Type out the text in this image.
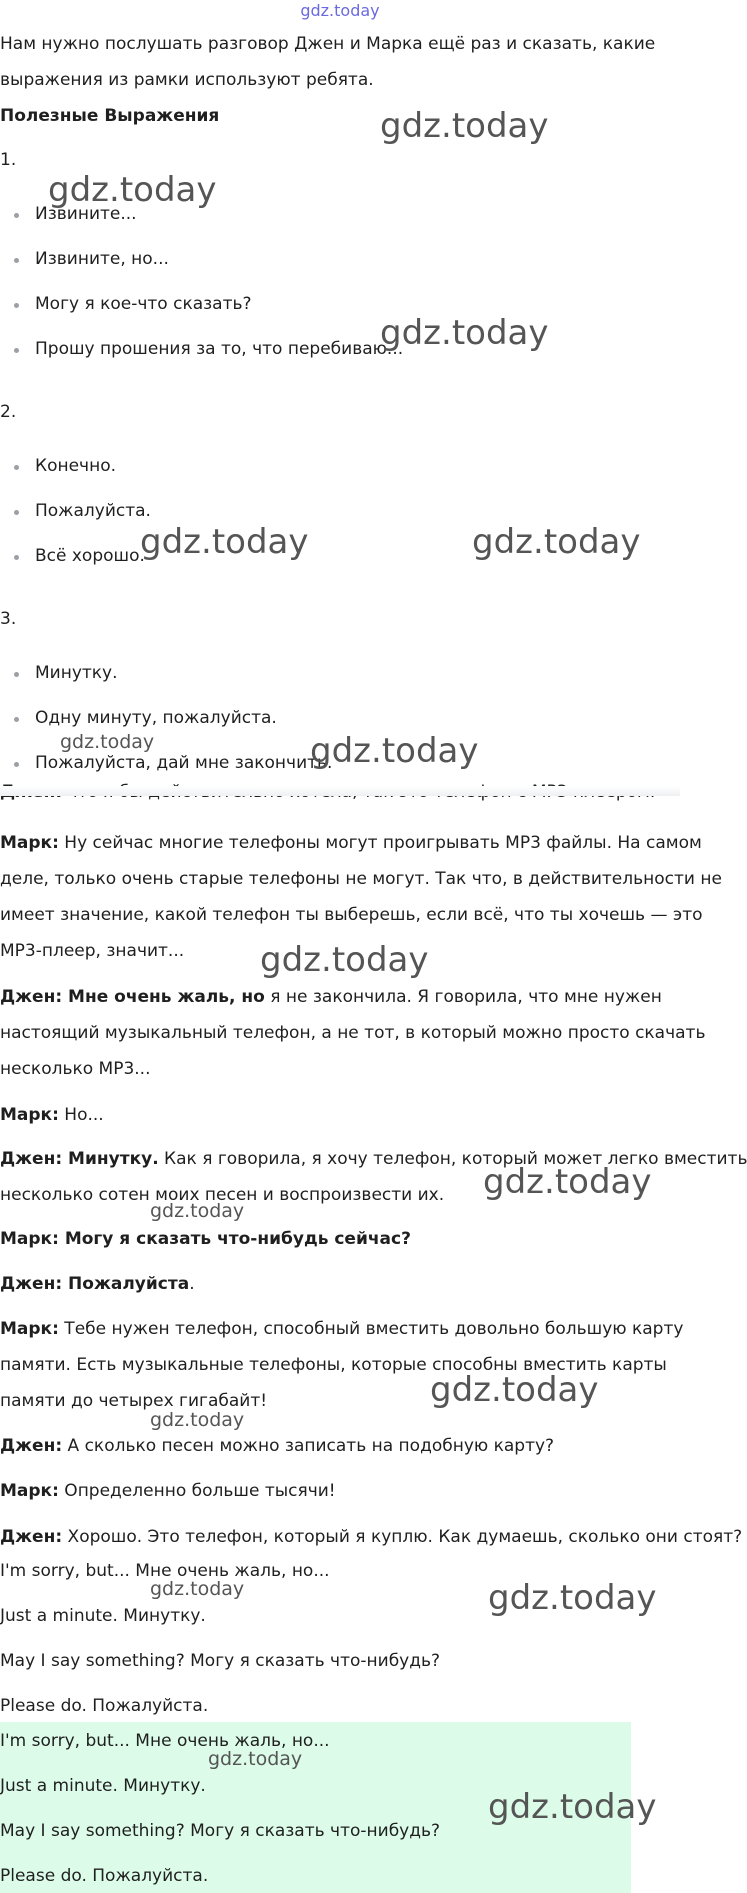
gdz.today
Нам нужно послушать разговор Джен и Марка ещё раз и сказать, какие
выражения из рамки используют ребята.
Полезные Выражения
1.
Извините...
Извините, но...
Могу я кое-что сказать?
Прошу прошения за то, что перебиваю...
2.
Конечно.
Пожалуйста.
Всё хорошо.
3.
Минутку.
Одну минуту, пожалуйста.
Пожалуйста, дай мне закончить.
Марк: Ну сейчас многие телефоны могут проигрывать MP3 файлы. На самом
деле, только очень старые телефоны не могут. Так что, в действительности не
имеет значение, какой телефон ты выберешь, если всё, что ты хочешь — это
MP3-плеер, значит...
Джен: Мне очень жаль, но я не закончила. Я говорила, что мне нужен
настоящий музыкальный телефон, а не тот, в который можно просто скачать
несколько MP3...
Марк: Но...
Джен: Минутку. Как я говорила, я хочу телефон, который может легко вместить
несколько сотен моих песен и воспроизвести их.
Марк: Могу я сказать что-нибудь сейчас?
Джен: Пожалуйста.
Марк: Тебе нужен телефон, способный вместить довольно большую карту
памяти. Есть музыкальные телефоны, которые способны вместить карты
памяти до четырех гигабайт!
Джен: А сколько песен можно записать на подобную карту?
Марк: Определенно больше тысячи!
Джен: Хорошо. Это телефон, который я куплю. Как думаешь, сколько они стоят?
I'm sorry, but... Мне очень жаль, но...
Just a minute. Минутку.
May I say something? Могу я сказать что-нибудь?
Please do. Пожалуйста.
I'm sorry, but... Мне очень жаль, но...
Just a minute. Минутку.
May I say something? Могу я сказать что-нибудь?
Please do. Пожалуйста.
gdz.today
gdz.today
gdz.today
gdz.today	gdz.today
gdz.today	gdz.today
gdz.today
gdz.today
gdz.today
gdz.today
gdz.today
gdz.today	gdz.today
gdz.today
gdz.today
